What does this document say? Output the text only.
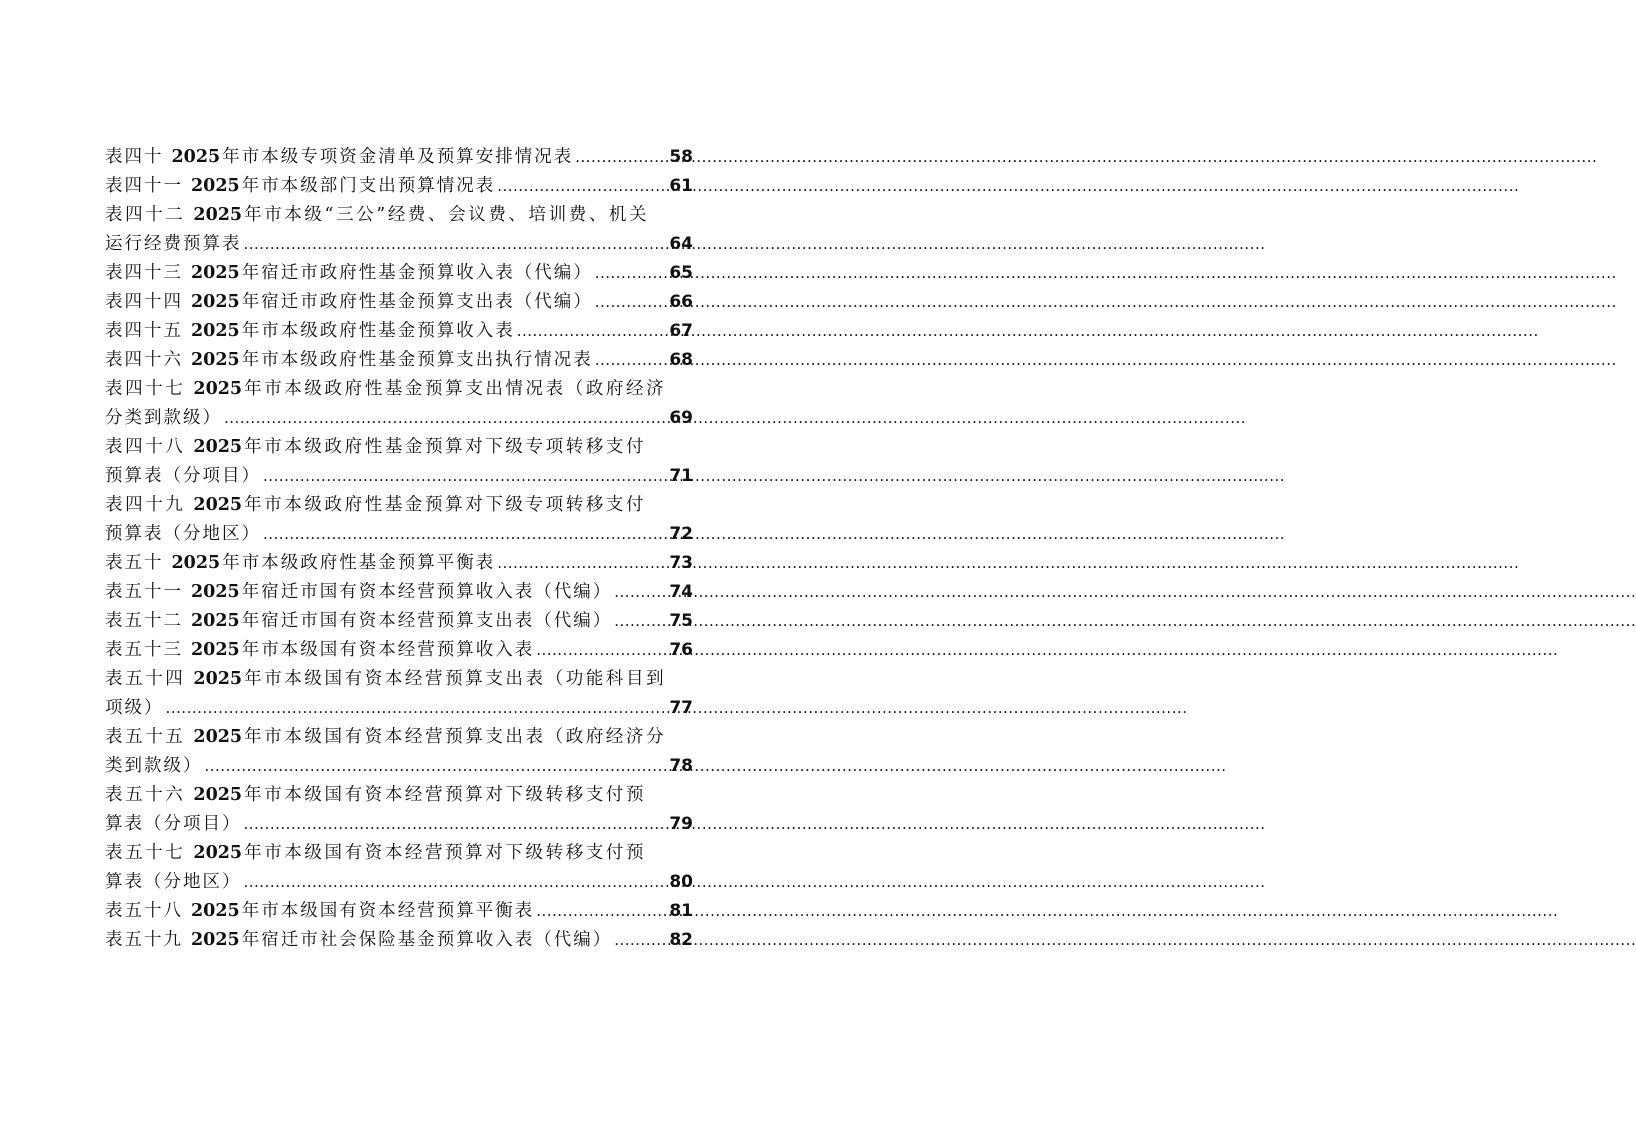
表四十 2025 年市本级专项资金清单及预算安排情况表 .....	58
表四十一 2025 年市本级部门支出预算情况表 .....	61
表四十二 2025 年市本级“三公”经费、会议费、培训费、机关
运行经费预算表 .....	64
表四十三 2025 年宿迁市政府性基金预算收入表（代编） .....	65
表四十四 2025 年宿迁市政府性基金预算支出表（代编） .....	66
表四十五 2025 年市本级政府性基金预算收入表 .....	67
表四十六 2025 年市本级政府性基金预算支出执行情况表 .....	68
表四十七 2025 年市本级政府性基金预算支出情况表（政府经济
分类到款级） .....	69
表四十八 2025 年市本级政府性基金预算对下级专项转移支付
预算表（分项目） .....	71
表四十九 2025 年市本级政府性基金预算对下级专项转移支付
预算表（分地区） .....	72
表五十 2025 年市本级政府性基金预算平衡表 .....	73
表五十一 2025 年宿迁市国有资本经营预算收入表（代编） .....	74
表五十二 2025 年宿迁市国有资本经营预算支出表（代编） .....	75
表五十三 2025 年市本级国有资本经营预算收入表 .....	76
表五十四 2025 年市本级国有资本经营预算支出表（功能科目到
项级） .....	77
表五十五 2025 年市本级国有资本经营预算支出表（政府经济分
类到款级） .....	78
表五十六 2025 年市本级国有资本经营预算对下级转移支付预
算表（分项目） .....	79
表五十七 2025 年市本级国有资本经营预算对下级转移支付预
算表（分地区） .....	80
表五十八 2025 年市本级国有资本经营预算平衡表 .....	81
表五十九 2025 年宿迁市社会保险基金预算收入表（代编） .....	82
